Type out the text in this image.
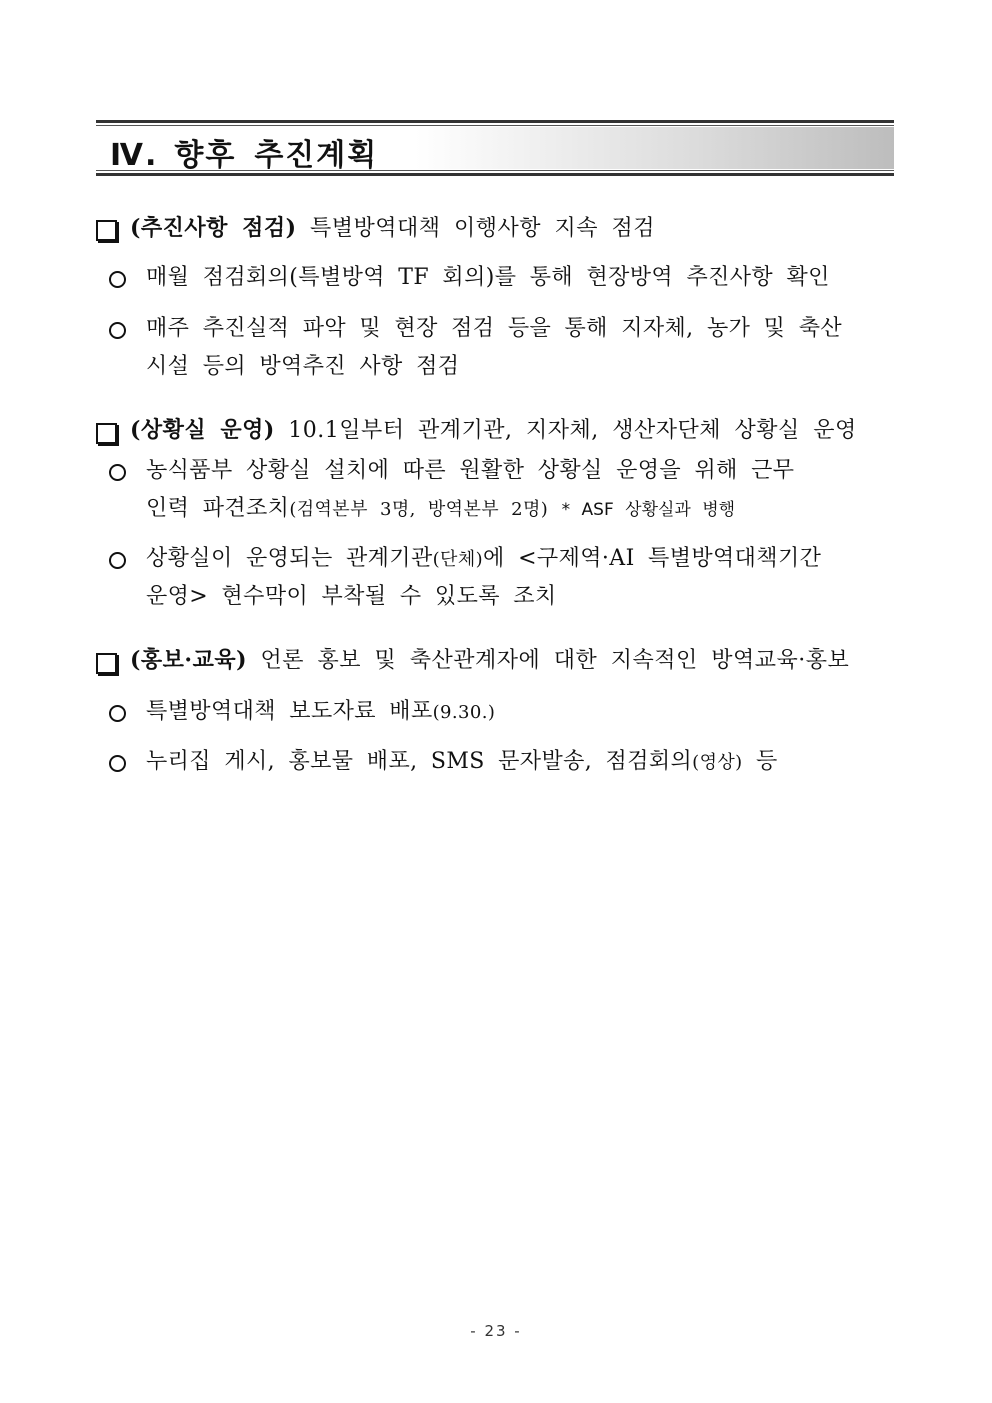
Ⅳ. 향후 추진계획
(추진사항 점검) 특별방역대책 이행사항 지속 점검
매월 점검회의(특별방역 TF 회의)를 통해 현장방역 추진사항 확인
매주 추진실적 파악 및 현장 점검 등을 통해 지자체, 농가 및 축산
시설 등의 방역추진 사항 점검
(상황실 운영) 10.1일부터 관계기관, 지자체, 생산자단체 상황실 운영
농식품부 상황실 설치에 따른 원활한 상황실 운영을 위해 근무
인력 파견조치(검역본부 3명, 방역본부 2명) * ASF 상황실과 병행
상황실이 운영되는 관계기관(단체)에 <구제역·AI 특별방역대책기간
운영> 현수막이 부착될 수 있도록 조치
(홍보·교육) 언론 홍보 및 축산관계자에 대한 지속적인 방역교육·홍보
특별방역대책 보도자료 배포(9.30.)
누리집 게시, 홍보물 배포, SMS 문자발송, 점검회의(영상) 등
- 23 -
